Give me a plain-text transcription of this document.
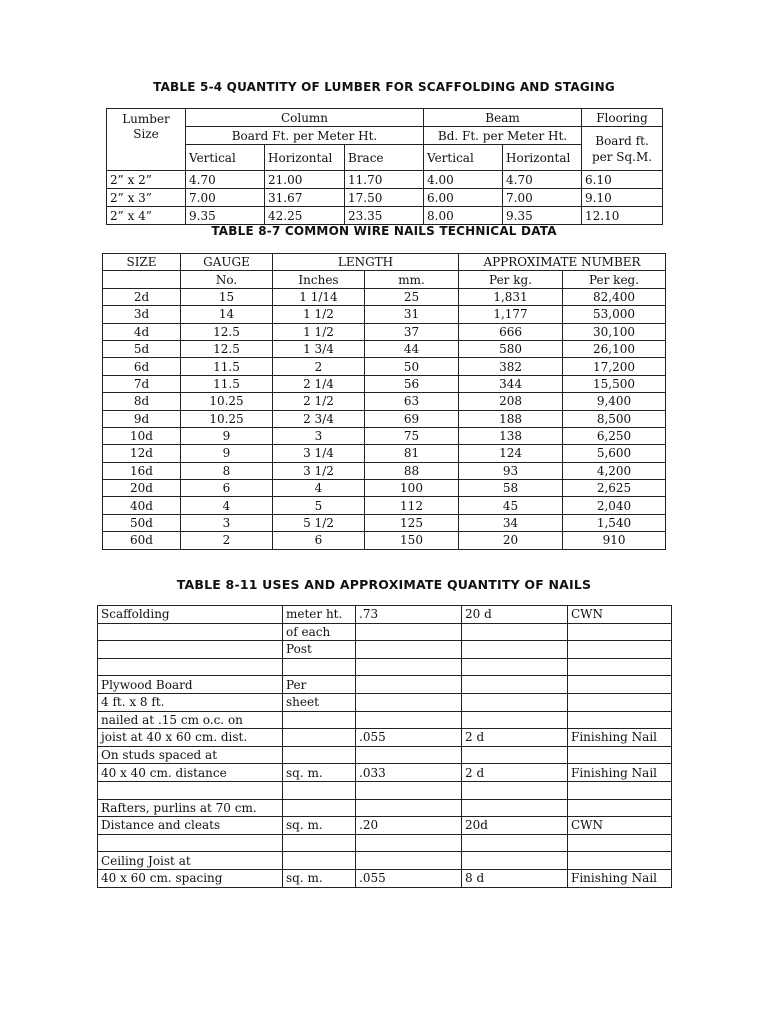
TABLE 5-4 QUANTITY OF LUMBER FOR SCAFFOLDING AND STAGING
Lumber
Size	Column			Beam		Flooring
	Board Ft. per Meter Ht.			Bd. Ft. per Meter Ht.		Board ft.
per Sq.M.
	Vertical	Horizontal	Brace	Vertical	Horizontal	
2” x 2”	4.70	21.00	11.70	4.00	4.70	6.10
2” x 3”	7.00	31.67	17.50	6.00	7.00	9.10
2” x 4”	9.35	42.25	23.35	8.00	9.35	12.10
TABLE 8-7 COMMON WIRE NAILS TECHNICAL DATA
SIZE	GAUGE	LENGTH		APPROXIMATE NUMBER	
	No.	Inches	mm.	Per kg.	Per keg.
2d	15	1 1/14	25	1,831	82,400
3d	14	1 1/2	31	1,177	53,000
4d	12.5	1 1/2	37	666	30,100
5d	12.5	1 3/4	44	580	26,100
6d	11.5	2	50	382	17,200
7d	11.5	2 1/4	56	344	15,500
8d	10.25	2 1/2	63	208	9,400
9d	10.25	2 3/4	69	188	8,500
10d	9	3	75	138	6,250
12d	9	3 1/4	81	124	5,600
16d	8	3 1/2	88	93	4,200
20d	6	4	100	58	2,625
40d	4	5	112	45	2,040
50d	3	5 1/2	125	34	1,540
60d	2	6	150	20	910
TABLE 8-11 USES AND APPROXIMATE QUANTITY OF NAILS
Scaffolding	meter ht.	.73	20 d	CWN
	of each			
	Post			

Plywood Board	Per			
4 ft. x 8 ft.	sheet			
nailed at .15 cm o.c. on				
joist at 40 x 60 cm. dist.		.055	2 d	Finishing Nail
On studs spaced at				
40 x 40 cm. distance	sq. m.	.033	2 d	Finishing Nail

Rafters, purlins at 70 cm.				
Distance and cleats	sq. m.	.20	20d	CWN

Ceiling Joist at				
40 x 60 cm. spacing	sq. m.	.055	8 d	Finishing Nail
